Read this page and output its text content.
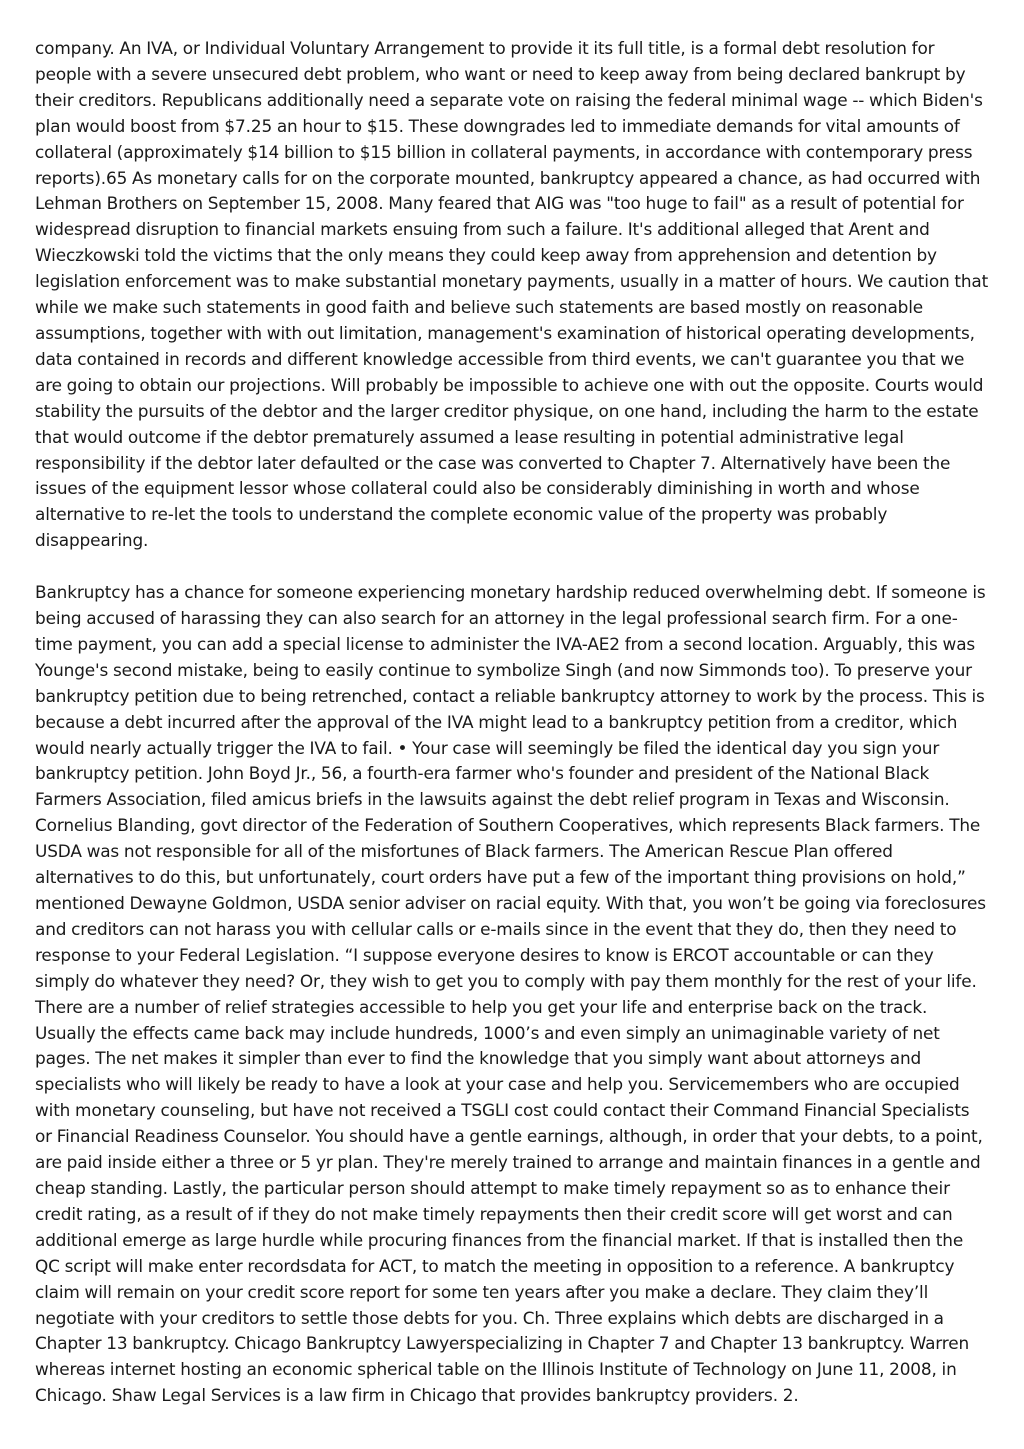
company. An IVA, or Individual Voluntary Arrangement to provide it its full title, is a formal debt resolution for people with a severe unsecured debt problem, who want or need to keep away from being declared bankrupt by their creditors. Republicans additionally need a separate vote on raising the federal minimal wage -- which Biden's plan would boost from $7.25 an hour to $15. These downgrades led to immediate demands for vital amounts of collateral (approximately $14 billion to $15 billion in collateral payments, in accordance with contemporary press reports).65 As monetary calls for on the corporate mounted, bankruptcy appeared a chance, as had occurred with Lehman Brothers on September 15, 2008. Many feared that AIG was "too huge to fail" as a result of potential for widespread disruption to financial markets ensuing from such a failure. It's additional alleged that Arent and Wieczkowski told the victims that the only means they could keep away from apprehension and detention by legislation enforcement was to make substantial monetary payments, usually in a matter of hours. We caution that while we make such statements in good faith and believe such statements are based mostly on reasonable assumptions, together with with out limitation, management's examination of historical operating developments, data contained in records and different knowledge accessible from third events, we can't guarantee you that we are going to obtain our projections. Will probably be impossible to achieve one with out the opposite. Courts would stability the pursuits of the debtor and the larger creditor physique, on one hand, including the harm to the estate that would outcome if the debtor prematurely assumed a lease resulting in potential administrative legal responsibility if the debtor later defaulted or the case was converted to Chapter 7. Alternatively have been the issues of the equipment lessor whose collateral could also be considerably diminishing in worth and whose alternative to re-let the tools to understand the complete economic value of the property was probably disappearing.

Bankruptcy has a chance for someone experiencing monetary hardship reduced overwhelming debt. If someone is being accused of harassing they can also search for an attorney in the legal professional search firm. For a one-time payment, you can add a special license to administer the IVA-AE2 from a second location. Arguably, this was Younge's second mistake, being to easily continue to symbolize Singh (and now Simmonds too). To preserve your bankruptcy petition due to being retrenched, contact a reliable bankruptcy attorney to work by the process. This is because a debt incurred after the approval of the IVA might lead to a bankruptcy petition from a creditor, which would nearly actually trigger the IVA to fail. • Your case will seemingly be filed the identical day you sign your bankruptcy petition. John Boyd Jr., 56, a fourth-era farmer who's founder and president of the National Black Farmers Association, filed amicus briefs in the lawsuits against the debt relief program in Texas and Wisconsin. Cornelius Blanding, govt director of the Federation of Southern Cooperatives, which represents Black farmers. The USDA was not responsible for all of the misfortunes of Black farmers. The American Rescue Plan offered alternatives to do this, but unfortunately, court orders have put a few of the important thing provisions on hold,” mentioned Dewayne Goldmon, USDA senior adviser on racial equity. With that, you won’t be going via foreclosures and creditors can not harass you with cellular calls or e-mails since in the event that they do, then they need to response to your Federal Legislation. “I suppose everyone desires to know is ERCOT accountable or can they simply do whatever they need? Or, they wish to get you to comply with pay them monthly for the rest of your life. There are a number of relief strategies accessible to help you get your life and enterprise back on the track. Usually the effects came back may include hundreds, 1000’s and even simply an unimaginable variety of net pages. The net makes it simpler than ever to find the knowledge that you simply want about attorneys and specialists who will likely be ready to have a look at your case and help you. Servicemembers who are occupied with monetary counseling, but have not received a TSGLI cost could contact their Command Financial Specialists or Financial Readiness Counselor. You should have a gentle earnings, although, in order that your debts, to a point, are paid inside either a three or 5 yr plan. They're merely trained to arrange and maintain finances in a gentle and cheap standing. Lastly, the particular person should attempt to make timely repayment so as to enhance their credit rating, as a result of if they do not make timely repayments then their credit score will get worst and can additional emerge as large hurdle while procuring finances from the financial market. If that is installed then the QC script will make enter recordsdata for ACT, to match the meeting in opposition to a reference. A bankruptcy claim will remain on your credit score report for some ten years after you make a declare. They claim they’ll negotiate with your creditors to settle those debts for you. Ch. Three explains which debts are discharged in a Chapter 13 bankruptcy. Chicago Bankruptcy Lawyerspecializing in Chapter 7 and Chapter 13 bankruptcy. Warren whereas internet hosting an economic spherical table on the Illinois Institute of Technology on June 11, 2008, in Chicago. Shaw Legal Services is a law firm in Chicago that provides bankruptcy providers. 2.
